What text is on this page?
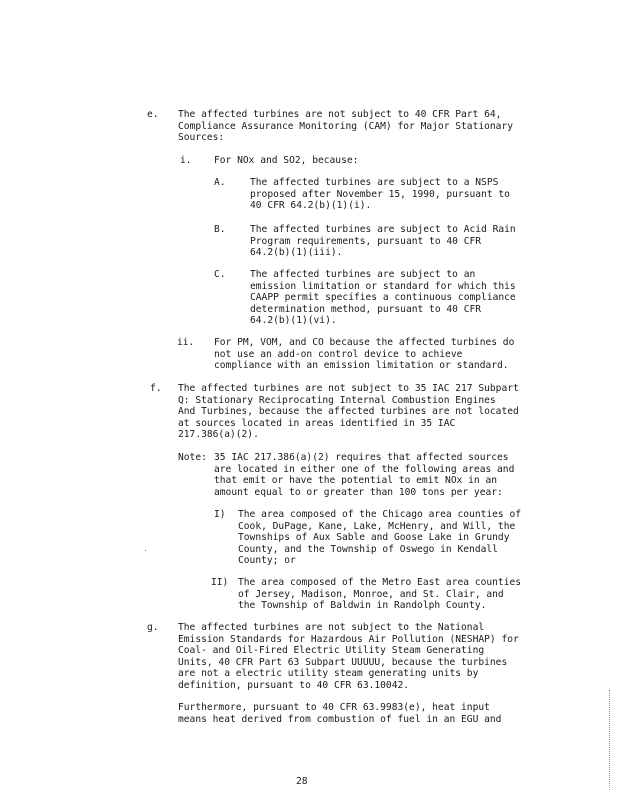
e. The affected turbines are not subject to 40 CFR Part 64,
Compliance Assurance Monitoring (CAM) for Major Stationary
Sources:
i. For NOx and SO2, because:
A.	The affected turbines are subject to a NSPS
proposed after November 15, 1990, pursuant to
40 CFR 64.2(b)(1)(i).
B.	The affected turbines are subject to Acid Rain
Program requirements, pursuant to 40 CFR
64.2(b)(1)(iii).
C.	The affected turbines are subject to an
emission limitation or standard for which this
CAAPP permit specifies a continuous compliance
determination method, pursuant to 40 CFR
64.2(b)(1)(vi).
ii. For PM, VOM, and CO because the affected turbines do
not use an add-on control device to achieve
compliance with an emission limitation or standard.
f. The affected turbines are not subject to 35 IAC 217 Subpart
Q: Stationary Reciprocating Internal Combustion Engines
And Turbines, because the affected turbines are not located
at sources located in areas identified in 35 IAC
217.386(a)(2).
Note: 35 IAC 217.386(a)(2) requires that affected sources
are located in either one of the following areas and
that emit or have the potential to emit NOx in an
amount equal to or greater than 100 tons per year:
I) The area composed of the Chicago area counties of
Cook, DuPage, Kane, Lake, McHenry, and Will, the
Townships of Aux Sable and Goose Lake in Grundy
County, and the Township of Oswego in Kendall
County; or
II) The area composed of the Metro East area counties
of Jersey, Madison, Monroe, and St. Clair, and
the Township of Baldwin in Randolph County.
g. The affected turbines are not subject to the National
Emission Standards for Hazardous Air Pollution (NESHAP) for
Coal- and Oil-Fired Electric Utility Steam Generating
Units, 40 CFR Part 63 Subpart UUUUU, because the turbines
are not a electric utility steam generating units by
definition, pursuant to 40 CFR 63.10042.
Furthermore, pursuant to 40 CFR 63.9983(e), heat input
means heat derived from combustion of fuel in an EGU and
28
